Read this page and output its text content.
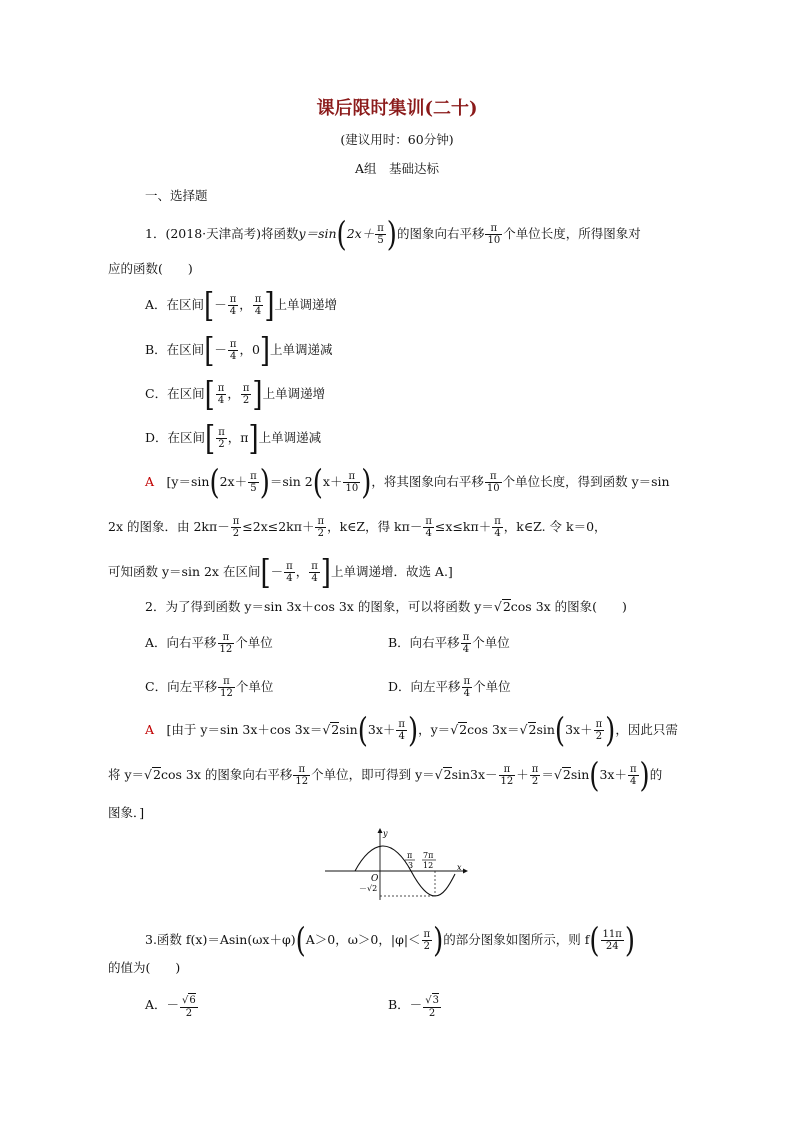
课后限时集训(二十)
(建议用时：60分钟)
A组　基础达标
一、选择题
1．(2018·天津高考)将函数$y=\sin(2x+ \frac{\pi}{5}$ )的图象向右平移 $\frac{\pi}{10}$ 个单位长度，所得图象对
应的函数(　　)
A．在区间[－ $\frac{\pi}{4}$ ， $\frac{\pi}{4}$ ]上单调递增
B．在区间[－ $\frac{\pi}{4}$ ，0]上单调递减
C．在区间[ $\frac{\pi}{4}$ ， $\frac{\pi}{2}$ ]上单调递增
D．在区间[ $\frac{\pi}{2}$ ，π]上单调递减
A　 [$y=\sin(2x+ \frac{\pi}{5} )=\sin$ $2(x+ \frac{\pi}{10}$ )，将其图象向右平移 $\frac{\pi}{10}$ 个单位长度，得到函数 y＝sin
2x 的图象．由 $2k\pi- \frac{\pi}{2} \le 2x\le 2k\pi+ \frac{\pi}{2}$ ，k∈Z，得 $k\pi- \frac{\pi}{4} \le x\le k\pi+ \frac{\pi}{4}$ ，k∈Z. 令 k＝0，
可知函数 y＝sin 2x 在区间[－ $\frac{\pi}{4}$ ， $\frac{\pi}{4}$ ]上单调递增．故选 A.]
2．为了得到函数 y＝sin 3x＋cos 3x 的图象，可以将函数 y＝√2cos 3x 的图象(　　)
A．向右平移 $\frac{\pi}{12}$ 个单位	B．向右平移 $\frac{\pi}{4}$ 个单位
C．向左平移 $\frac{\pi}{12}$ 个单位	D．向左平移 $\frac{\pi}{4}$ 个单位
A　 [由于 y＝sin 3x＋cos $3x=√2\sin(3x+ \frac{\pi}{4}$ )，y＝√2cos $3x=√2\sin(3x+ \frac{\pi}{2}$ )，因此只需
将 y＝√2cos 3x 的图象向右平移 $\frac{\pi}{12}$ 个单位，即可得到 $y=√2\sin 3x- \frac{\pi}{12} + \frac{\pi}{2} =√2\sin(3x+ \frac{\pi}{4}$ )的
图象．]
y
x
O
π
3
7π
12
－√2
3.函数 f(x)＝Asin(ωx＋φ)(A＞0，ω＞0，$|\varphi|< \frac{\pi}{2}$ )的部分图象如图所示，则 $f( \frac{11\pi}{24}$ )
的值为(　　)
A．－ $\frac{√6}{2}$	B．－ $\frac{√3}{2}$
